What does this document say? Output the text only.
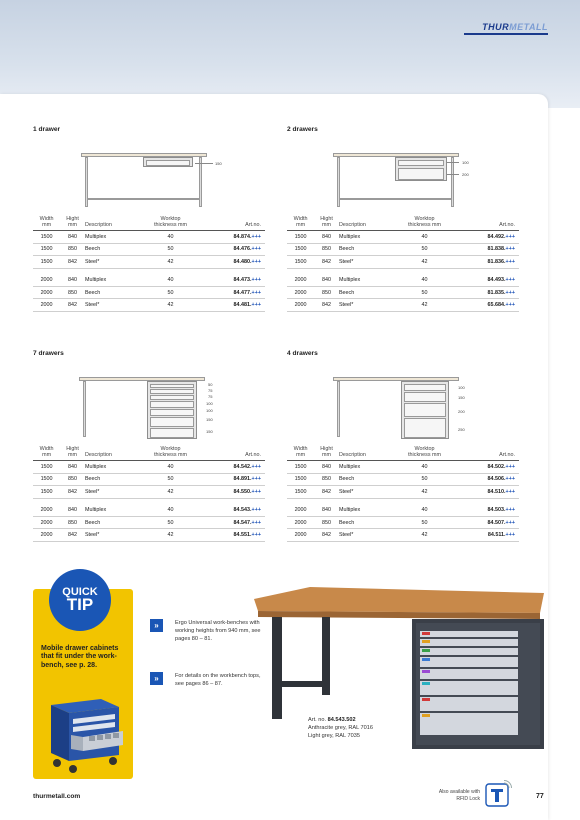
THURMETALL
1 drawer
150
Width
mm	Hight
mm	Description	Worktop
thickness mm	Art.no.
1500	840	Multiplex	40	84.874.+++
1500	850	Beech	50	84.476.+++
1500	842	Steel*	42	84.480.+++

2000	840	Multiplex	40	84.473.+++
2000	850	Beech	50	84.477.+++
2000	842	Steel*	42	84.481.+++
2 drawers
100
200
Width
mm	Hight
mm	Description	Worktop
thickness mm	Art.no.
1500	840	Multiplex	40	84.492.+++
1500	850	Beech	50	81.838.+++
1500	842	Steel*	42	81.836.+++

2000	840	Multiplex	40	84.493.+++
2000	850	Beech	50	81.835.+++
2000	842	Steel*	42	65.684.+++
7 drawers
50
75
75
100
100
150
150
Width
mm	Hight
mm	Description	Worktop
thickness mm	Art.no.
1500	840	Multiplex	40	84.542.+++
1500	850	Beech	50	84.891.+++
1500	842	Steel*	42	84.550.+++

2000	840	Multiplex	40	84.543.+++
2000	850	Beech	50	84.547.+++
2000	842	Steel*	42	84.551.+++
4 drawers
100
150
200
250
Width
mm	Hight
mm	Description	Worktop
thickness mm	Art.no.
1500	840	Multiplex	40	84.502.+++
1500	850	Beech	50	84.506.+++
1500	842	Steel*	42	84.510.+++

2000	840	Multiplex	40	84.503.+++
2000	850	Beech	50	84.507.+++
2000	842	Steel*	42	84.511.+++
QUICK
TIP
Mobile drawer cabinets that fit under the work-bench, see p. 28.
»	Ergo Universal work-benches with working heights from 940 mm, see pages 80 – 81.
»	For details on the workbench tops, see pages 86 – 87.
Art. no. 84.543.502
Anthracite grey, RAL 7016
Light grey, RAL 7035
thurmetall.com
Also available with
RFID Lock	77
